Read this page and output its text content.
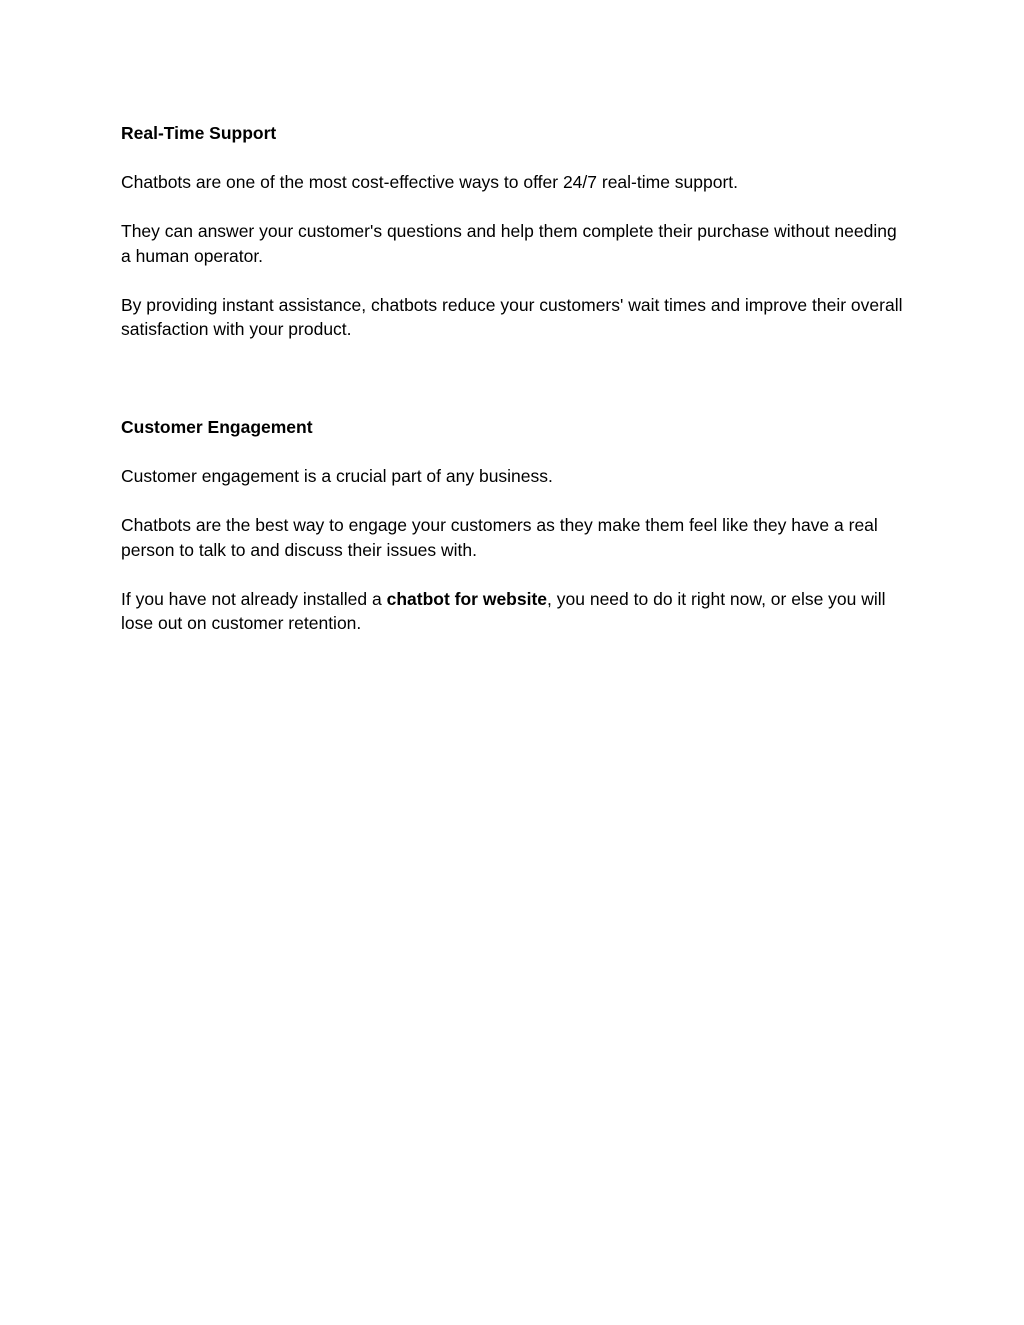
Real-Time Support

Chatbots are one of the most cost-effective ways to offer 24/7 real-time support.

They can answer your customer's questions and help them complete their purchase without needing a human operator.

By providing instant assistance, chatbots reduce your customers' wait times and improve their overall satisfaction with your product.

Customer Engagement

Customer engagement is a crucial part of any business.

Chatbots are the best way to engage your customers as they make them feel like they have a real person to talk to and discuss their issues with.

If you have not already installed a chatbot for website, you need to do it right now, or else you will lose out on customer retention.
